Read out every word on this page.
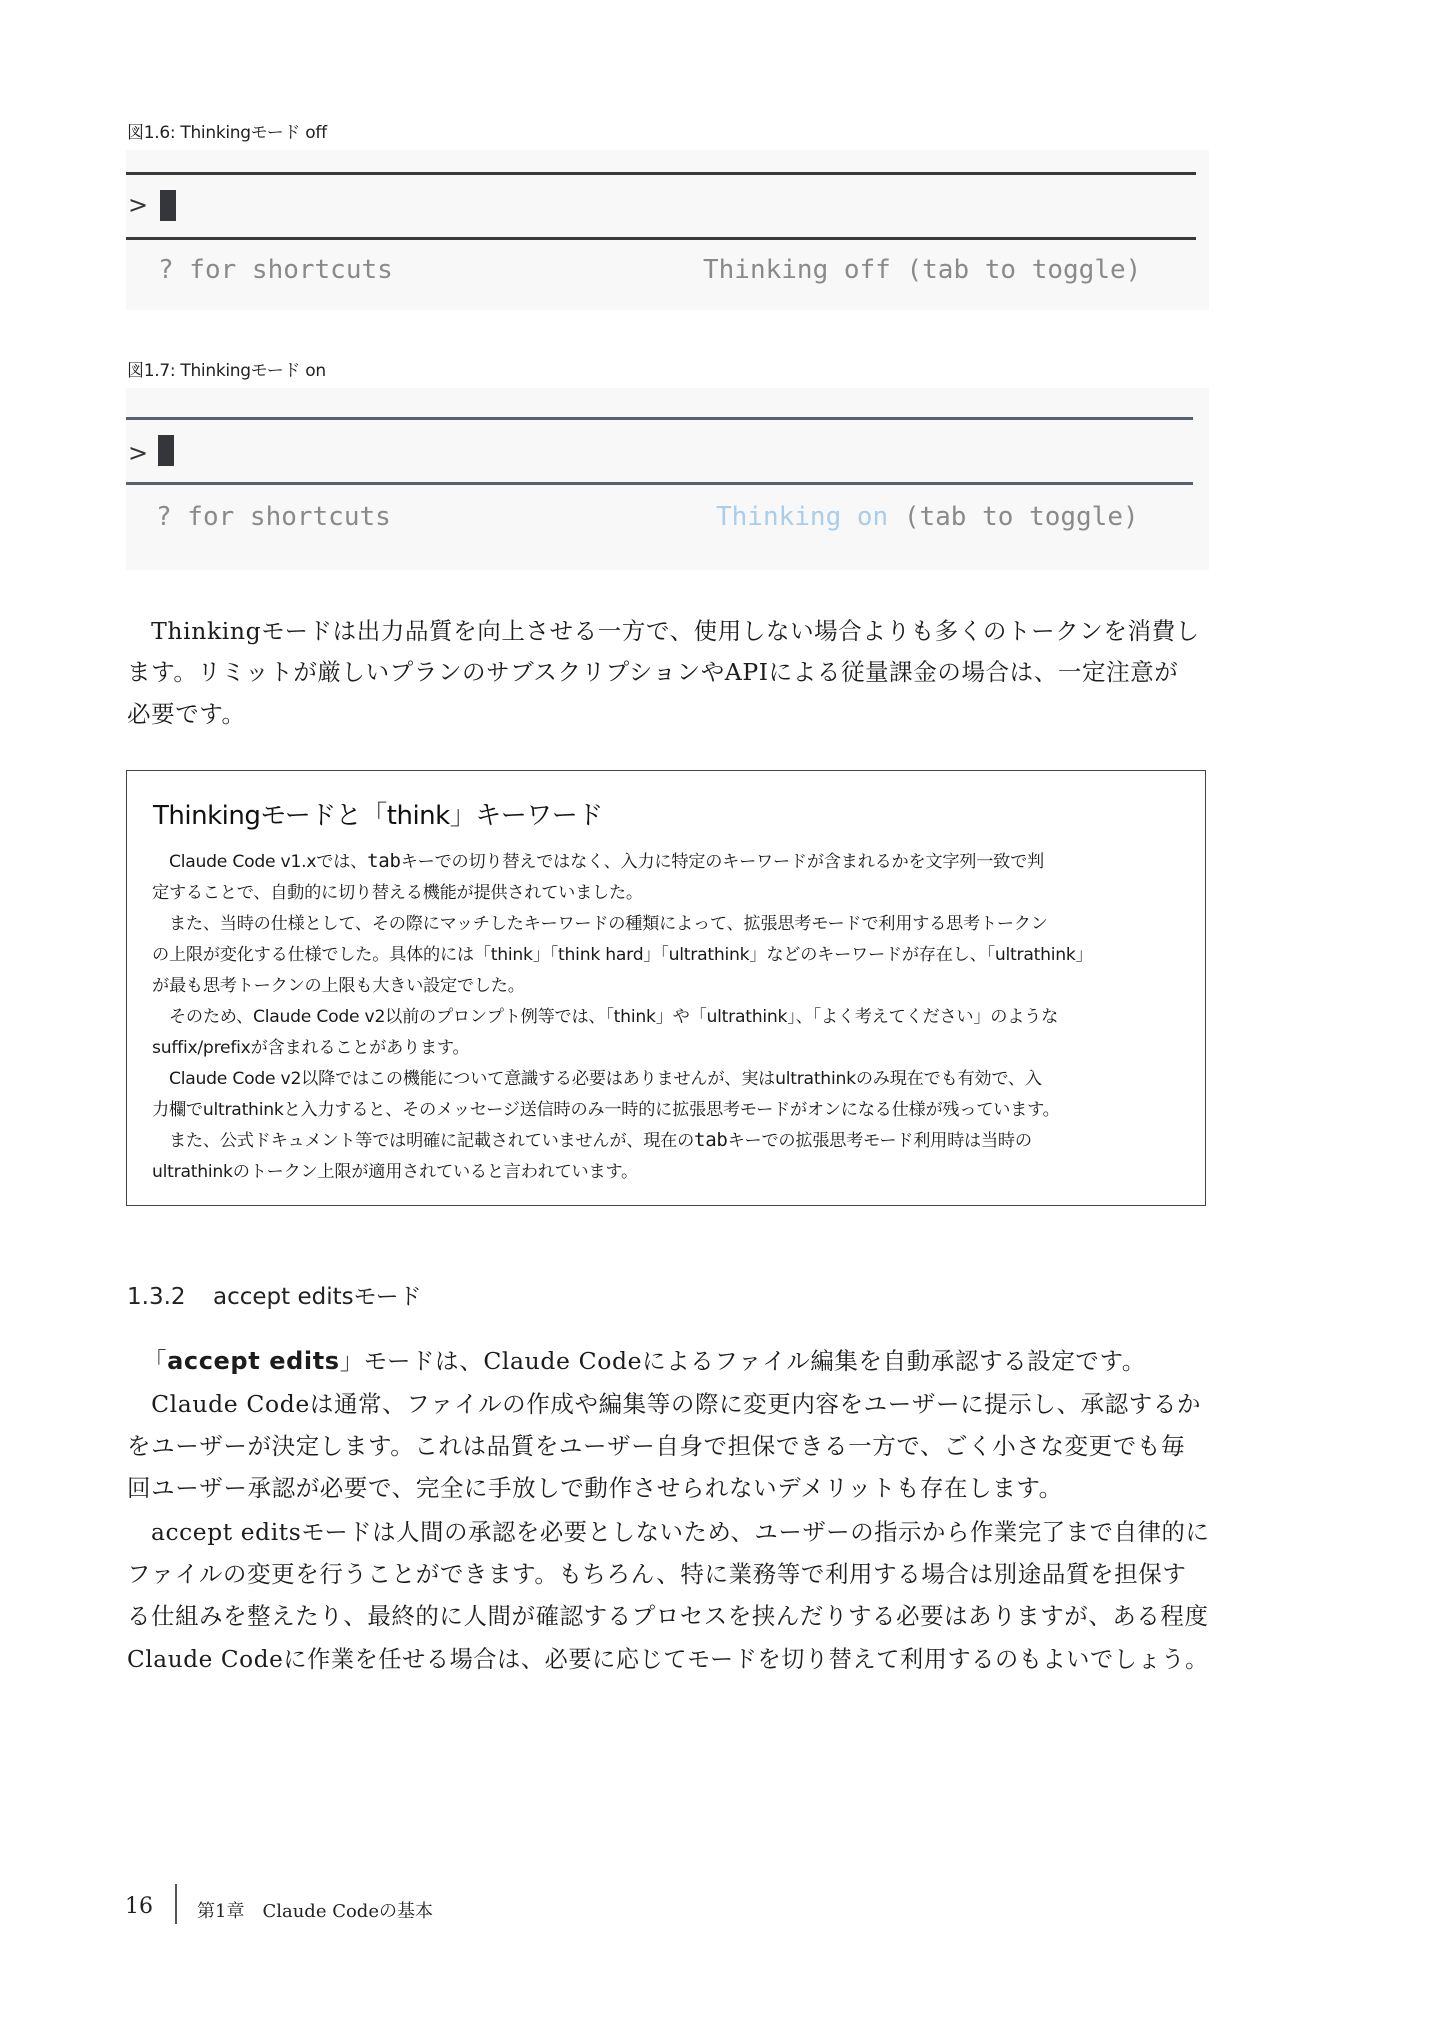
図1.6: Thinkingモード off
>
? for shortcuts	Thinking off (tab to toggle)
図1.7: Thinkingモード on
>
? for shortcuts	Thinking on (tab to toggle)
　Thinkingモードは出力品質を向上させる一方で、使用しない場合よりも多くのトークンを消費し
ます。リミットが厳しいプランのサブスクリプションやAPIによる従量課金の場合は、一定注意が
必要です。
Thinkingモードと「think」キーワード
　Claude Code v1.xでは、tabキーでの切り替えではなく、入力に特定のキーワードが含まれるかを文字列一致で判
定することで、自動的に切り替える機能が提供されていました。
　また、当時の仕様として、その際にマッチしたキーワードの種類によって、拡張思考モードで利用する思考トークン
の上限が変化する仕様でした。具体的には「think」「think hard」「ultrathink」などのキーワードが存在し、「ultrathink」
が最も思考トークンの上限も大きい設定でした。
　そのため、Claude Code v2以前のプロンプト例等では、「think」や「ultrathink」、「よく考えてください」のような
suffix/prefixが含まれることがあります。
　Claude Code v2以降ではこの機能について意識する必要はありませんが、実はultrathinkのみ現在でも有効で、入
力欄でultrathinkと入力すると、そのメッセージ送信時のみ一時的に拡張思考モードがオンになる仕様が残っています。
　また、公式ドキュメント等では明確に記載されていませんが、現在のtabキーでの拡張思考モード利用時は当時の
ultrathinkのトークン上限が適用されていると言われています。
1.3.2 accept editsモード
「accept edits」モードは、Claude Codeによるファイル編集を自動承認する設定です。
　Claude Codeは通常、ファイルの作成や編集等の際に変更内容をユーザーに提示し、承認するか
をユーザーが決定します。これは品質をユーザー自身で担保できる一方で、ごく小さな変更でも毎
回ユーザー承認が必要で、完全に手放しで動作させられないデメリットも存在します。
　accept editsモードは人間の承認を必要としないため、ユーザーの指示から作業完了まで自律的に
ファイルの変更を行うことができます。もちろん、特に業務等で利用する場合は別途品質を担保す
る仕組みを整えたり、最終的に人間が確認するプロセスを挟んだりする必要はありますが、ある程度
Claude Codeに作業を任せる場合は、必要に応じてモードを切り替えて利用するのもよいでしょう。
16 第1章　Claude Codeの基本
